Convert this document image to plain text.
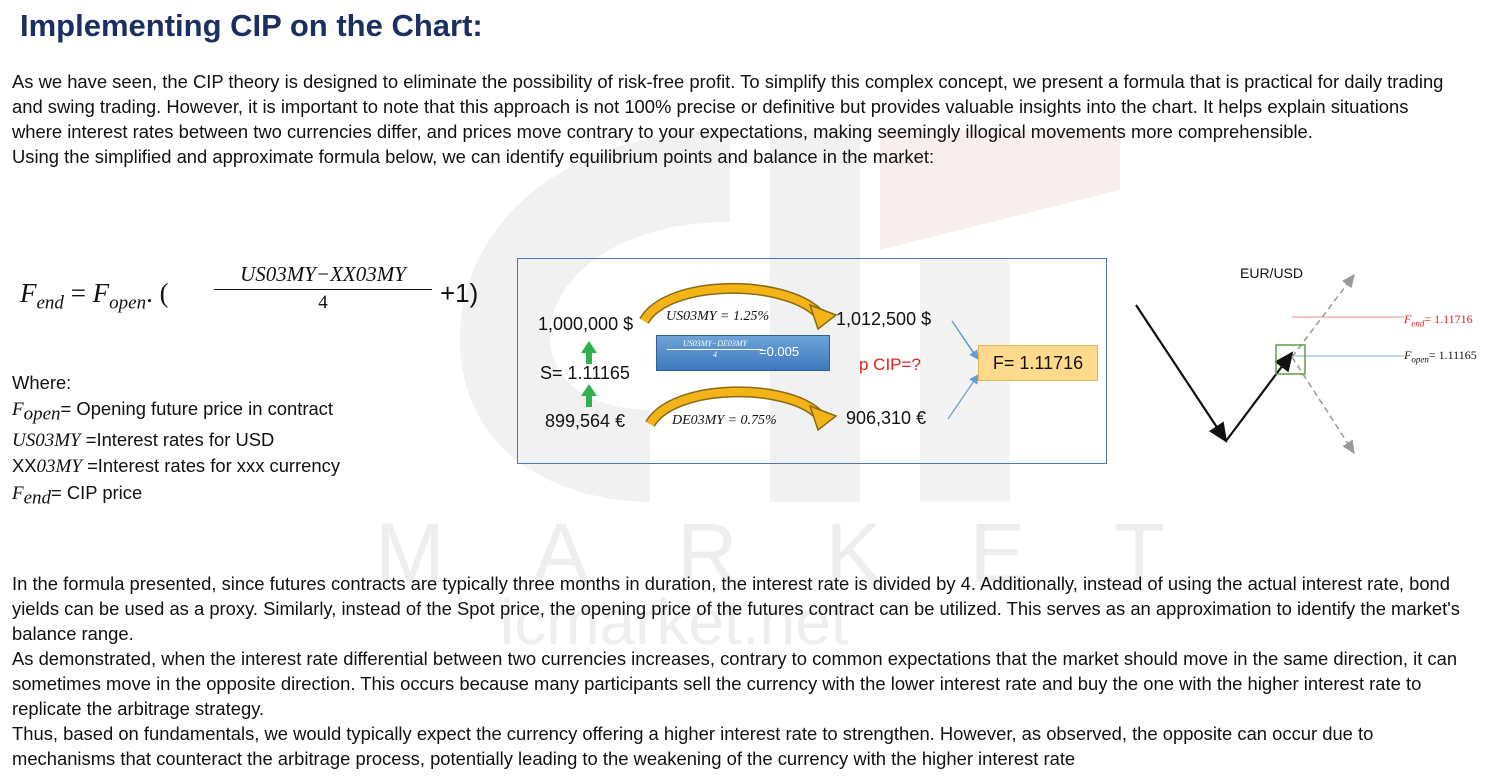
M A R K E T
icmarket.net
Implementing CIP on the Chart:
As we have seen, the CIP theory is designed to eliminate the possibility of risk-free profit. To simplify this complex concept, we present a formula that is practical for daily trading and swing trading. However, it is important to note that this approach is not 100% precise or definitive but provides valuable insights into the chart. It helps explain situations where interest rates between two currencies differ, and prices move contrary to your expectations, making seemingly illogical movements more comprehensible.
Using the simplified and approximate formula below, we can identify equilibrium points and balance in the market:
$F_{end} = F_{open}$. ( $\frac{US03MY-XX03MY}{4} +1$)
Where:
$F_{open}=$ Opening future price in contract
US03MY =Interest rates for USD
XX03MY =Interest rates for xxx currency
$F_{end}=$ CIP price
1,000,000 $	1,012,500 $
S= 1.11165
899,564 €	906,310 €
US03MY = 1.25%
DE03MY = 0.75%
US03MY−DE03MY
4	=0.005
p CIP=?	F= 1.11716
EUR/USD
$F_{end}= 1.11716$
$F_{open}= 1.11165$
In the formula presented, since futures contracts are typically three months in duration, the interest rate is divided by 4. Additionally, instead of using the actual interest rate, bond yields can be used as a proxy. Similarly, instead of the Spot price, the opening price of the futures contract can be utilized. This serves as an approximation to identify the market's balance range.
As demonstrated, when the interest rate differential between two currencies increases, contrary to common expectations that the market should move in the same direction, it can sometimes move in the opposite direction. This occurs because many participants sell the currency with the lower interest rate and buy the one with the higher interest rate to replicate the arbitrage strategy.
Thus, based on fundamentals, we would typically expect the currency offering a higher interest rate to strengthen. However, as observed, the opposite can occur due to mechanisms that counteract the arbitrage process, potentially leading to the weakening of the currency with the higher interest rate
